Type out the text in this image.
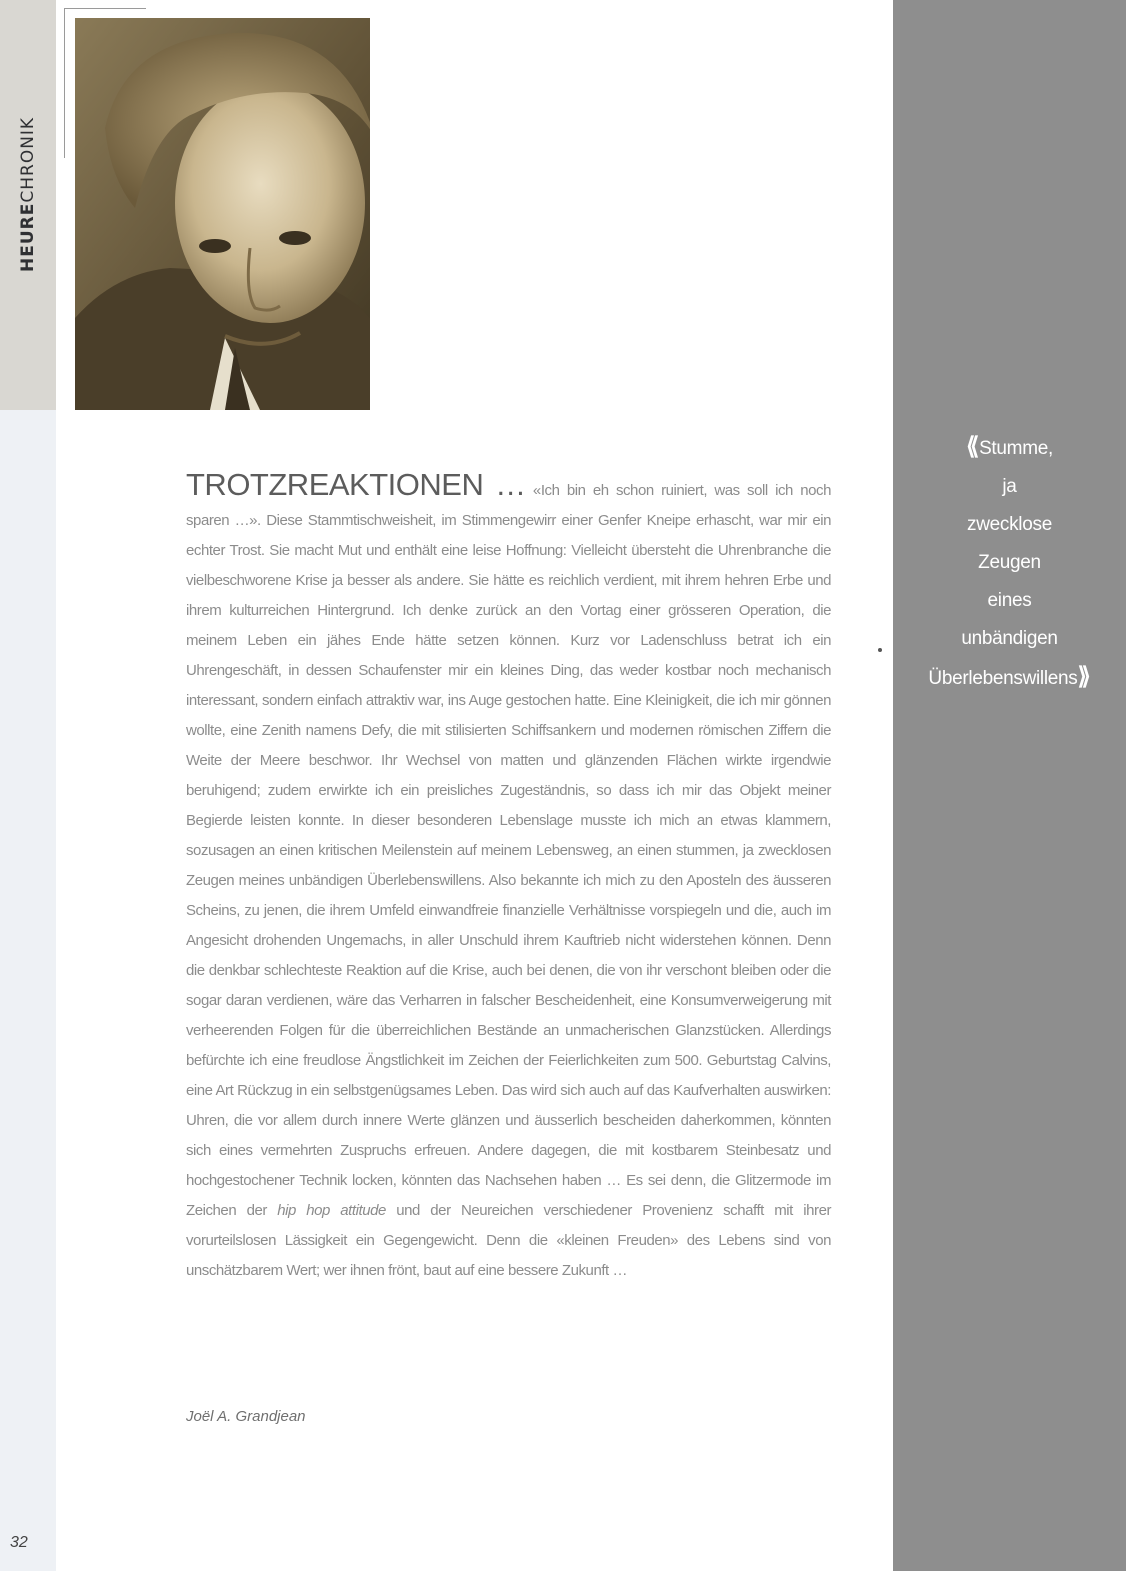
HEURECHRONIK
⟪Stumme,
ja
zwecklose
Zeugen
eines
unbändigen
Überlebenswillens⟫
TROTZREAKTIONEN … «Ich bin eh schon ruiniert, was soll ich noch sparen …». Diese Stammtischweisheit, im Stimmengewirr einer Genfer Kneipe erhascht, war mir ein echter Trost. Sie macht Mut und enthält eine leise Hoffnung: Vielleicht übersteht die Uhrenbranche die vielbeschworene Krise ja besser als andere. Sie hätte es reichlich verdient, mit ihrem hehren Erbe und ihrem kulturreichen Hintergrund. Ich denke zurück an den Vortag einer grösseren Operation, die meinem Leben ein jähes Ende hätte setzen können. Kurz vor Ladenschluss betrat ich ein Uhrengeschäft, in dessen Schaufenster mir ein kleines Ding, das weder kostbar noch mechanisch interessant, sondern einfach attraktiv war, ins Auge gestochen hatte. Eine Kleinigkeit, die ich mir gönnen wollte, eine Zenith namens Defy, die mit stilisierten Schiffsankern und modernen römischen Ziffern die Weite der Meere beschwor. Ihr Wechsel von matten und glänzenden Flächen wirkte irgendwie beruhigend; zudem erwirkte ich ein preisliches Zugeständnis, so dass ich mir das Objekt meiner Begierde leisten konnte. In dieser besonderen Lebenslage musste ich mich an etwas klammern, sozusagen an einen kritischen Meilenstein auf meinem Lebensweg, an einen stummen, ja zwecklosen Zeugen meines unbändigen Überlebenswillens. Also bekannte ich mich zu den Aposteln des äusseren Scheins, zu jenen, die ihrem Umfeld einwandfreie finanzielle Verhältnisse vorspiegeln und die, auch im Angesicht drohenden Ungemachs, in aller Unschuld ihrem Kauftrieb nicht widerstehen können. Denn die denkbar schlechteste Reaktion auf die Krise, auch bei denen, die von ihr verschont bleiben oder die sogar daran verdienen, wäre das Verharren in falscher Bescheidenheit, eine Konsumverweigerung mit verheerenden Folgen für die überreichlichen Bestände an unmacherischen Glanzstücken. Allerdings befürchte ich eine freudlose Ängstlichkeit im Zeichen der Feierlichkeiten zum 500. Geburtstag Calvins, eine Art Rückzug in ein selbstgenügsames Leben. Das wird sich auch auf das Kaufverhalten auswirken: Uhren, die vor allem durch innere Werte glänzen und äusserlich bescheiden daherkommen, könnten sich eines vermehrten Zuspruchs erfreuen. Andere dagegen, die mit kostbarem Steinbesatz und hochgestochener Technik locken, könnten das Nachsehen haben … Es sei denn, die Glitzermode im Zeichen der hip hop attitude und der Neureichen verschiedener Provenienz schafft mit ihrer vorurteilslosen Lässigkeit ein Gegengewicht. Denn die «kleinen Freuden» des Lebens sind von unschätzbarem Wert; wer ihnen frönt, baut auf eine bessere Zukunft …
Joël A. Grandjean
32
